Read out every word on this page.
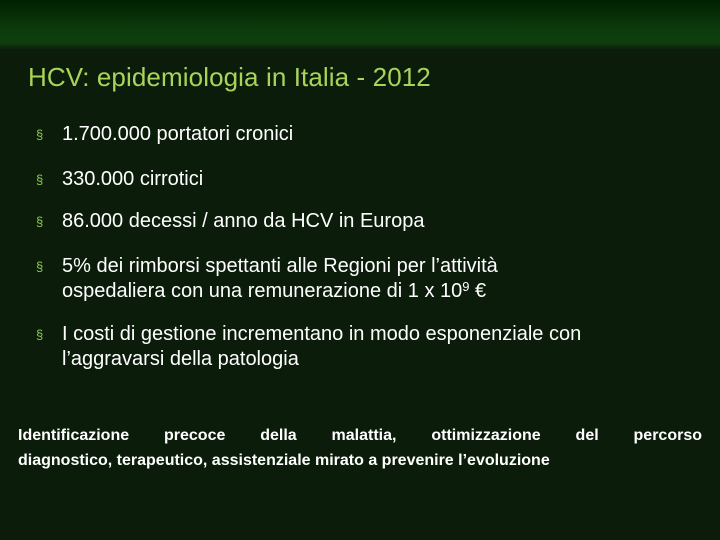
HCV: epidemiologia in Italia - 2012
§ 1.700.000 portatori cronici
§ 330.000 cirrotici
§ 86.000 decessi / anno da HCV in Europa
§ 5% dei rimborsi spettanti alle Regioni per l’attività
ospedaliera con una remunerazione di 1 x $10^9$ €
§ I costi di gestione incrementano in modo esponenziale con
l’aggravarsi della patologia
Identificazione precoce della malattia, ottimizzazione del percorso
diagnostico, terapeutico, assistenziale mirato a prevenire l’evoluzione
